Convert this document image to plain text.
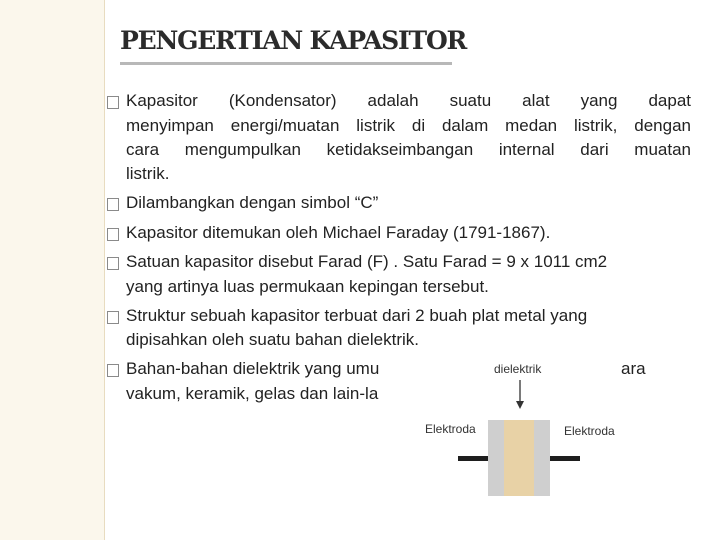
PENGERTIAN KAPASITOR
Kapasitor (Kondensator) adalah suatu alat yang dapat
menyimpan energi/muatan listrik di dalam medan listrik, dengan
cara mengumpulkan ketidakseimbangan internal dari muatan
listrik.
Dilambangkan dengan simbol “C”
Kapasitor ditemukan oleh Michael Faraday (1791-1867).
Satuan kapasitor disebut Farad (F) . Satu Farad = 9 x 1011 cm2
yang artinya luas permukaan kepingan tersebut.
Struktur sebuah kapasitor terbuat dari 2 buah plat metal yang
dipisahkan oleh suatu bahan dielektrik.
Bahan-bahan dielektrik yang umu	ara
vakum, keramik, gelas dan lain-la
dielektrik
Elektroda	Elektroda
